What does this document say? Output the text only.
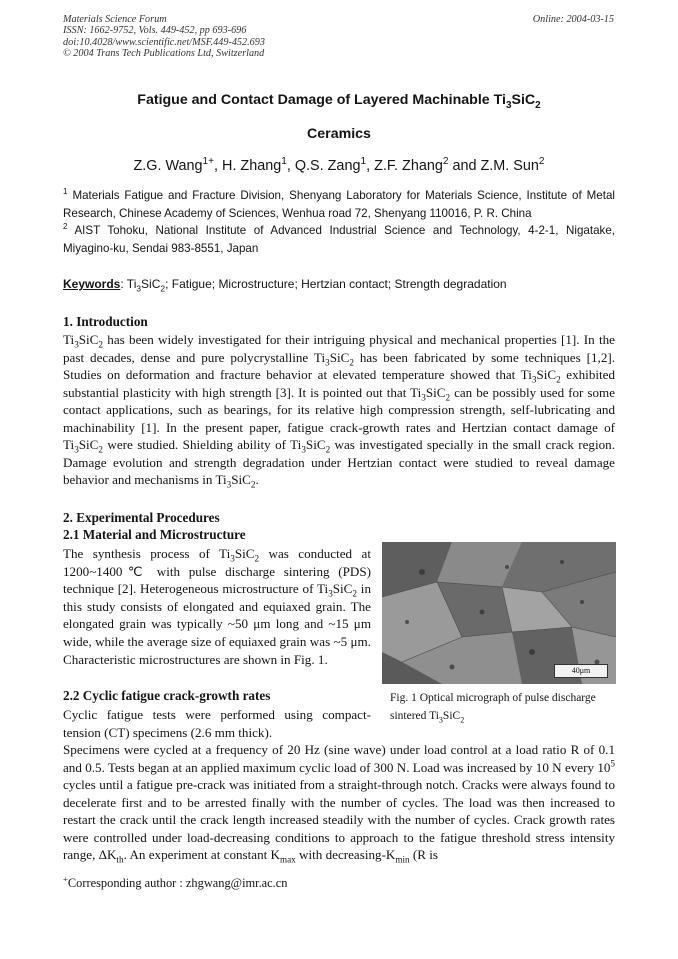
Materials Science Forum
ISSN: 1662-9752, Vols. 449-452, pp 693-696
doi:10.4028/www.scientific.net/MSF.449-452.693
© 2004 Trans Tech Publications Ltd, Switzerland
Online: 2004-03-15
Fatigue and Contact Damage of Layered Machinable $Ti_3SiC_2$
Ceramics
Z.G. Wang$^{1+}$, H. Zhang$^1$, Q.S. Zang$^1$, Z.F. Zhang$^2$ and Z.M. Sun$^2$
$^1$ Materials Fatigue and Fracture Division, Shenyang Laboratory for Materials Science, Institute of Metal Research, Chinese Academy of Sciences, Wenhua road 72, Shenyang 110016, P. R. China
$^2$ AIST Tohoku, National Institute of Advanced Industrial Science and Technology, 4-2-1, Nigatake, Miyagino-ku, Sendai 983-8551, Japan
Keywords: $Ti_3SiC_2$; Fatigue; Microstructure; Hertzian contact; Strength degradation
1. Introduction
$Ti_3SiC_2$ has been widely investigated for their intriguing physical and mechanical properties [1]. In the past decades, dense and pure polycrystalline $Ti_3SiC_2$ has been fabricated by some techniques [1,2]. Studies on deformation and fracture behavior at elevated temperature showed that $Ti_3SiC_2$ exhibited substantial plasticity with high strength [3]. It is pointed out that $Ti_3SiC_2$ can be possibly used for some contact applications, such as bearings, for its relative high compression strength, self-lubricating and machinability [1]. In the present paper, fatigue crack-growth rates and Hertzian contact damage of $Ti_3SiC_2$ were studied. Shielding ability of $Ti_3SiC_2$ was investigated specially in the small crack region. Damage evolution and strength degradation under Hertzian contact were studied to reveal damage behavior and mechanisms in $Ti_3SiC_2$.
2. Experimental Procedures
2.1 Material and Microstructure
The synthesis process of $Ti_3SiC_2$ was conducted at 1200~1400℃ with pulse discharge sintering (PDS) technique [2]. Heterogeneous microstructure of $Ti_3SiC_2$ in this study consists of elongated and equiaxed grain. The elongated grain was typically ~50 μm long and ~15 μm wide, while the average size of equiaxed grain was ~5 μm. Characteristic microstructures are shown in Fig. 1.
2.2 Cyclic fatigue crack-growth rates
Cyclic fatigue tests were performed using compact-tension (CT) specimens (2.6 mm thick).
Specimens were cycled at a frequency of 20 Hz (sine wave) under load control at a load ratio R of 0.1 and 0.5. Tests began at an applied maximum cyclic load of 300 N. Load was increased by 10 N every $10^5$ cycles until a fatigue pre-crack was initiated from a straight-through notch. Cracks were always found to decelerate first and to be arrested finally with the number of cycles. The load was then increased to restart the crack until the crack length increased steadily with the number of cycles. Crack growth rates were controlled under load-decreasing conditions to approach to the fatigue threshold stress intensity range, $\Delta K_{th}$. An experiment at constant $K_{max}$ with decreasing-$K_{min}$ (R is
40μm
Fig. 1 Optical micrograph of pulse discharge sintered $Ti_3SiC_2$
+Corresponding author : zhgwang@imr.ac.cn
